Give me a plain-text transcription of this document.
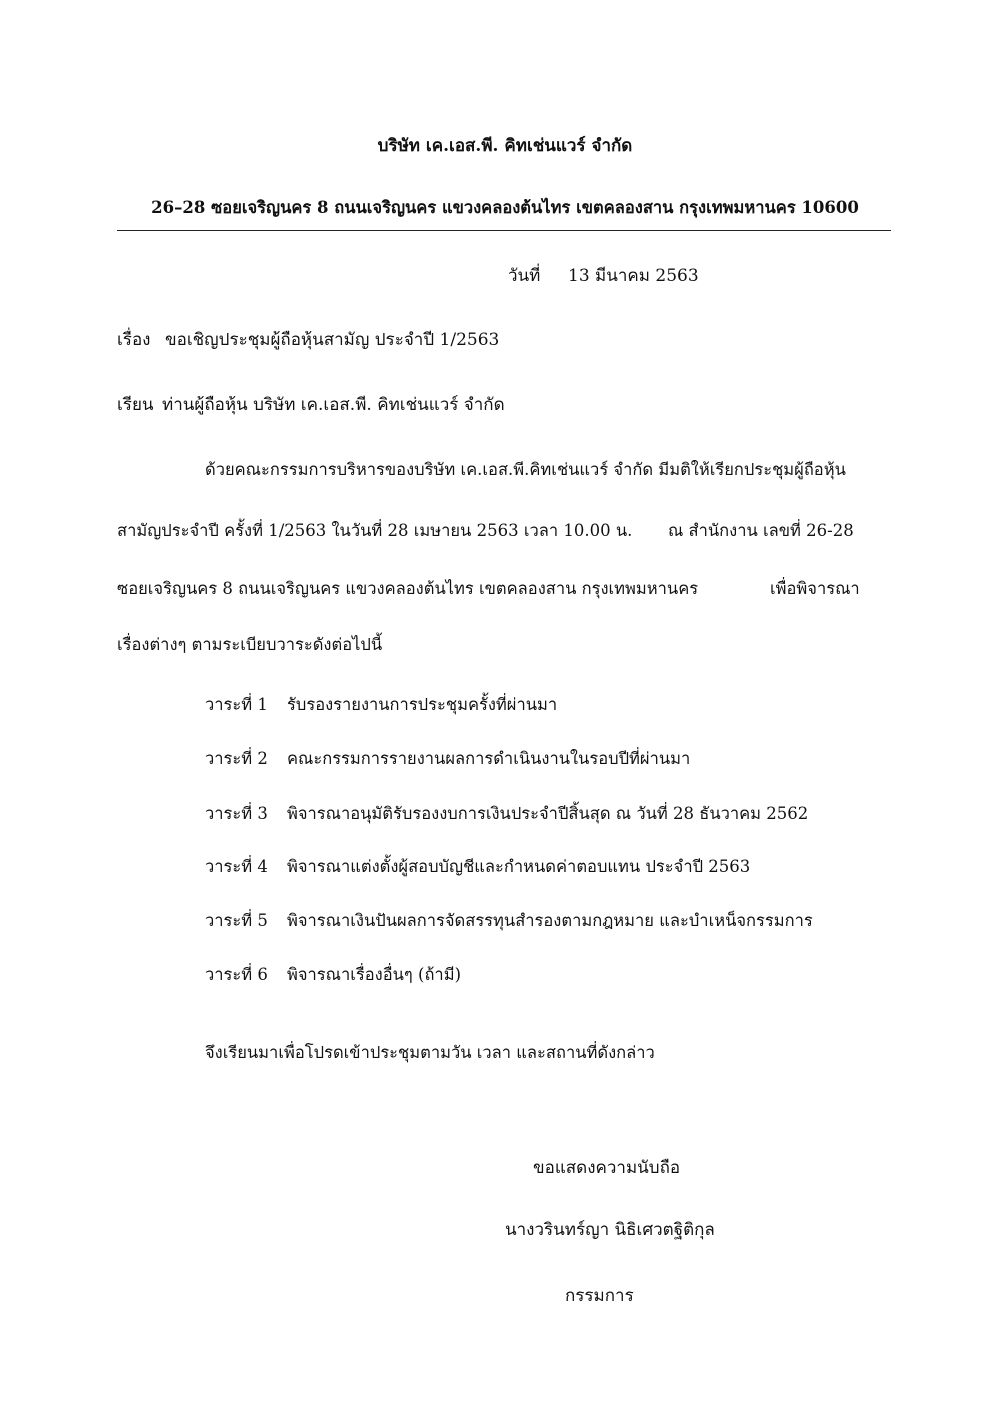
บริษัท เค.เอส.พี. คิทเช่นแวร์ จำกัด
26–28 ซอยเจริญนคร 8 ถนนเจริญนคร แขวงคลองต้นไทร เขตคลองสาน กรุงเทพมหานคร 10600
วันที่ 13 มีนาคม 2563
เรื่อง ขอเชิญประชุมผู้ถือหุ้นสามัญ ประจำปี 1/2563
เรียน ท่านผู้ถือหุ้น บริษัท เค.เอส.พี. คิทเช่นแวร์ จำกัด
ด้วยคณะกรรมการบริหารของบริษัท เค.เอส.พี.คิทเช่นแวร์ จำกัด มีมติให้เรียกประชุมผู้ถือหุ้น
สามัญประจำปี ครั้งที่ 1/2563 ในวันที่ 28 เมษายน 2563 เวลา 10.00 น. ณ สำนักงาน เลขที่ 26-28
ซอยเจริญนคร 8 ถนนเจริญนคร แขวงคลองต้นไทร เขตคลองสาน กรุงเทพมหานคร	เพื่อพิจารณา
เรื่องต่างๆ ตามระเบียบวาระดังต่อไปนี้
วาระที่ 1 รับรองรายงานการประชุมครั้งที่ผ่านมา
วาระที่ 2 คณะกรรมการรายงานผลการดำเนินงานในรอบปีที่ผ่านมา
วาระที่ 3 พิจารณาอนุมัติรับรองงบการเงินประจำปีสิ้นสุด ณ วันที่ 28 ธันวาคม 2562
วาระที่ 4 พิจารณาแต่งตั้งผู้สอบบัญชีและกำหนดค่าตอบแทน ประจำปี 2563
วาระที่ 5 พิจารณาเงินปันผลการจัดสรรทุนสำรองตามกฎหมาย และบำเหน็จกรรมการ
วาระที่ 6 พิจารณาเรื่องอื่นๆ (ถ้ามี)
จึงเรียนมาเพื่อโปรดเข้าประชุมตามวัน เวลา และสถานที่ดังกล่าว
ขอแสดงความนับถือ
นางวรินทร์ญา นิธิเศวตฐิติกุล
กรรมการ
